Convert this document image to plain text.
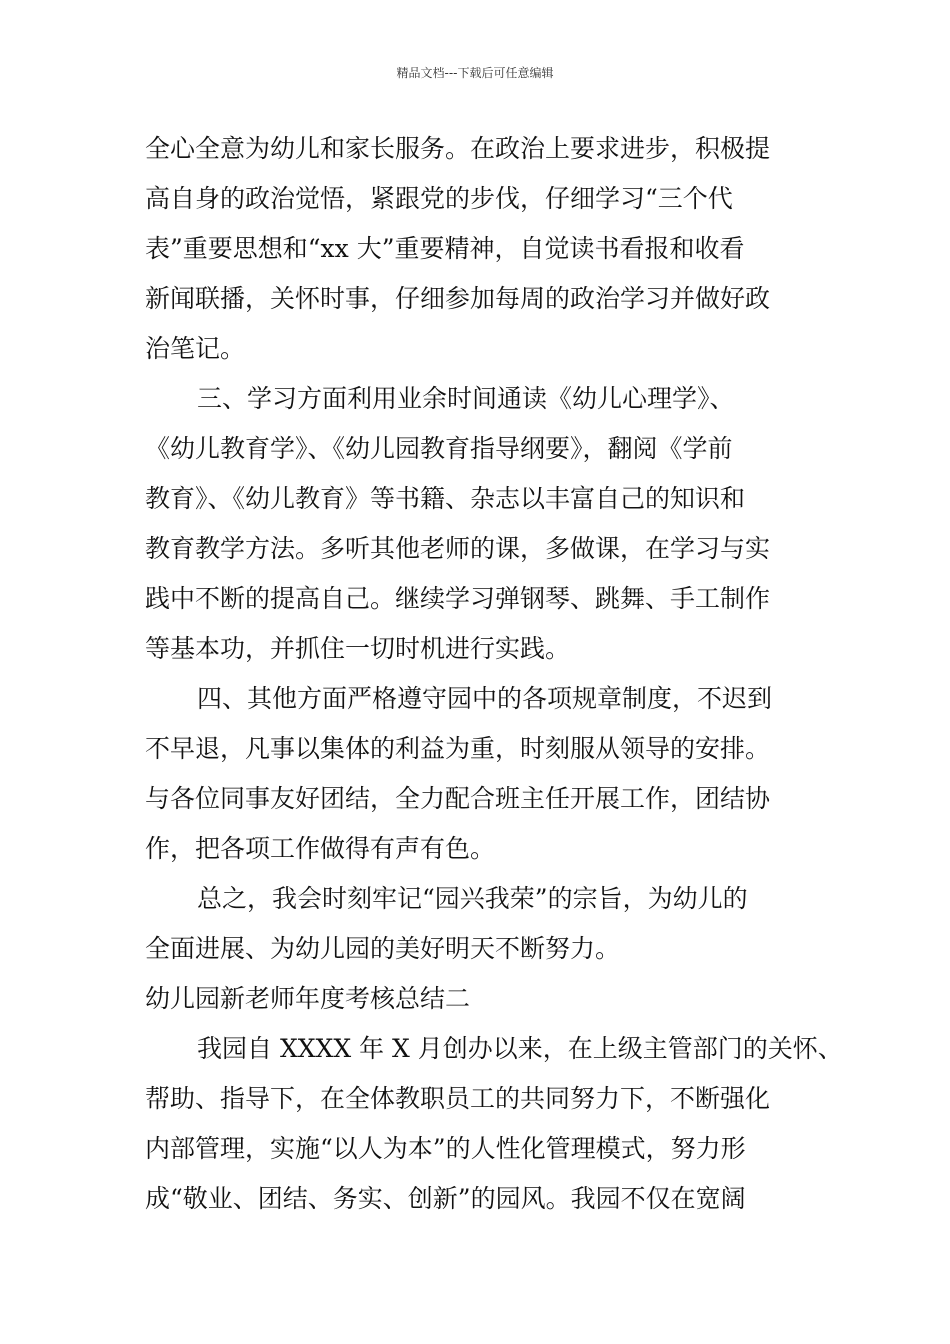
精品文档---下载后可任意编辑
全心全意为幼儿和家长服务。在政治上要求进步，积极提
高自身的政治觉悟，紧跟党的步伐，仔细学习“三个代
表”重要思想和“xx 大”重要精神，自觉读书看报和收看
新闻联播，关怀时事，仔细参加每周的政治学习并做好政
治笔记。
三、学习方面利用业余时间通读《幼儿心理学》、
《幼儿教育学》、《幼儿园教育指导纲要》，翻阅《学前
教育》、《幼儿教育》等书籍、杂志以丰富自己的知识和
教育教学方法。多听其他老师的课，多做课，在学习与实
践中不断的提高自己。继续学习弹钢琴、跳舞、手工制作
等基本功，并抓住一切时机进行实践。
四、其他方面严格遵守园中的各项规章制度，不迟到
不早退，凡事以集体的利益为重，时刻服从领导的安排。
与各位同事友好团结，全力配合班主任开展工作，团结协
作，把各项工作做得有声有色。
总之，我会时刻牢记“园兴我荣”的宗旨，为幼儿的
全面进展、为幼儿园的美好明天不断努力。
幼儿园新老师年度考核总结二
我园自 XXXX 年 X 月创办以来，在上级主管部门的关怀、
帮助、指导下，在全体教职员工的共同努力下，不断强化
内部管理，实施“以人为本”的人性化管理模式，努力形
成“敬业、团结、务实、创新”的园风。我园不仅在宽阔
